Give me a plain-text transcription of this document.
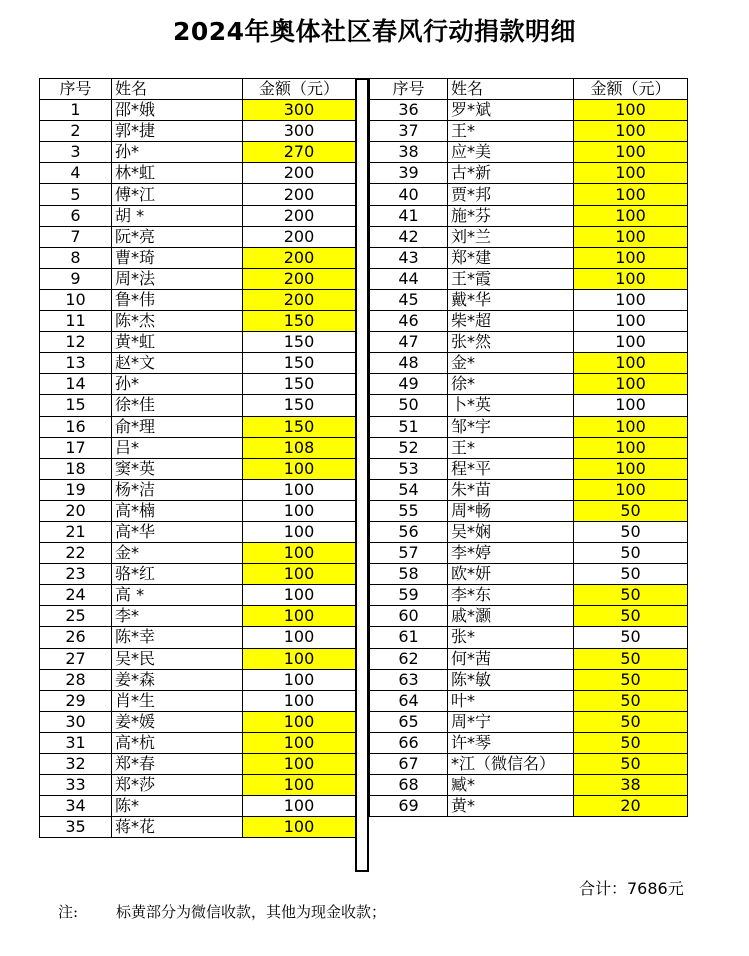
2024年奥体社区春风行动捐款明细
序号	姓名	金额（元）
1	邵*娥	300
2	郭*捷	300
3	孙*	270
4	林*虹	200
5	傅*江	200
6	胡 *	200
7	阮*亮	200
8	曹*琦	200
9	周*法	200
10	鲁*伟	200
11	陈*杰	150
12	黄*虹	150
13	赵*文	150
14	孙*	150
15	徐*佳	150
16	俞*理	150
17	吕*	108
18	窦*英	100
19	杨*洁	100
20	高*楠	100
21	高*华	100
22	金*	100
23	骆*红	100
24	高 *	100
25	李*	100
26	陈*幸	100
27	吴*民	100
28	姜*森	100
29	肖*生	100
30	姜*媛	100
31	高*杭	100
32	郑*春	100
33	郑*莎	100
34	陈*	100
35	蒋*花	100
序号	姓名	金额（元）
36	罗*斌	100
37	王*	100
38	应*美	100
39	古*新	100
40	贾*邦	100
41	施*芬	100
42	刘*兰	100
43	郑*建	100
44	王*霞	100
45	戴*华	100
46	柴*超	100
47	张*然	100
48	金*	100
49	徐*	100
50	卜*英	100
51	邹*宇	100
52	王*	100
53	程*平	100
54	朱*苗	100
55	周*畅	50
56	吴*娴	50
57	李*婷	50
58	欧*妍	50
59	李*东	50
60	戚*灏	50
61	张*	50
62	何*茜	50
63	陈*敏	50
64	叶*	50
65	周*宁	50
66	许*琴	50
67	*江（微信名）	50
68	臧*	38
69	黄*	20

合计：7686元
注:	标黄部分为微信收款，其他为现金收款；
